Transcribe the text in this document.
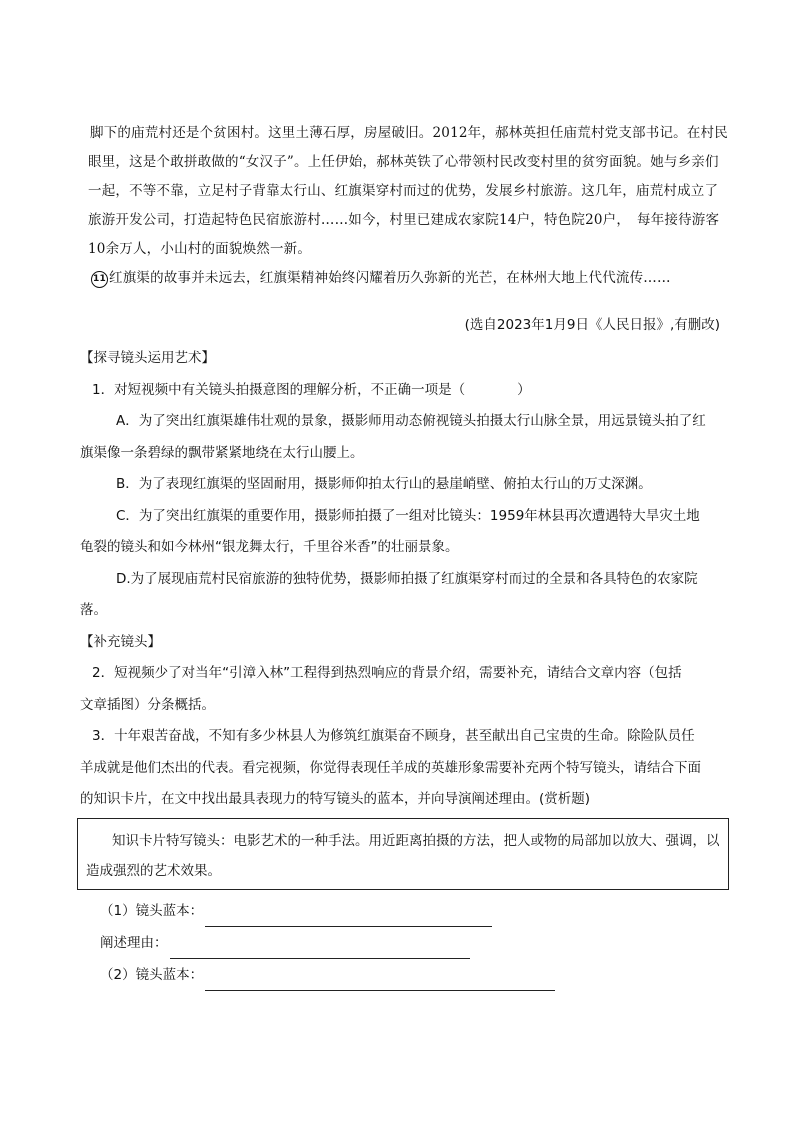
脚下的庙荒村还是个贫困村。这里土薄石厚，房屋破旧。2012年，郝林英担任庙荒村党支部书记。在村民眼里，这是个敢拼敢做的“女汉子”。上任伊始，郝林英铁了心带领村民改变村里的贫穷面貌。她与乡亲们一起，不等不靠，立足村子背靠太行山、红旗渠穿村而过的优势，发展乡村旅游。这几年，庙荒村成立了旅游开发公司，打造起特色民宿旅游村……如今，村里已建成农家院14户，特色院20户，　每年接待游客10余万人，小山村的面貌焕然一新。

11 红旗渠的故事并未远去，红旗渠精神始终闪耀着历久弥新的光芒，在林州大地上代代流传……

(选自2023年1月9日《人民日报》,有删改)

【探寻镜头运用艺术】

1．对短视频中有关镜头拍摄意图的理解分析，不正确一项是（	）

A．为了突出红旗渠雄伟壮观的景象，摄影师用动态俯视镜头拍摄太行山脉全景，用远景镜头拍了红

旗渠像一条碧绿的飘带紧紧地绕在太行山腰上。

B．为了表现红旗渠的坚固耐用，摄影师仰拍太行山的悬崖峭壁、俯拍太行山的万丈深渊。

C．为了突出红旗渠的重要作用，摄影师拍摄了一组对比镜头：1959年林县再次遭遇特大旱灾土地

龟裂的镜头和如今林州“银龙舞太行，千里谷米香”的壮丽景象。

D.为了展现庙荒村民宿旅游的独特优势，摄影师拍摄了红旗渠穿村而过的全景和各具特色的农家院

落。

【补充镜头】

2．短视频少了对当年“引漳入林”工程得到热烈响应的背景介绍，需要补充，请结合文章内容（包括

文章插图）分条概括。

3．十年艰苦奋战，不知有多少林县人为修筑红旗渠奋不顾身，甚至献出自己宝贵的生命。除险队员任

羊成就是他们杰出的代表。看完视频，你觉得表现任羊成的英雄形象需要补充两个特写镜头，请结合下面

的知识卡片，在文中找出最具表现力的特写镜头的蓝本，并向导演阐述理由。(赏析题)

知识卡片特写镜头：电影艺术的一种手法。用近距离拍摄的方法，把人或物的局部加以放大、强调，以造成强烈的艺术效果。
（1）镜头蓝本：
阐述理由：
（2）镜头蓝本：
